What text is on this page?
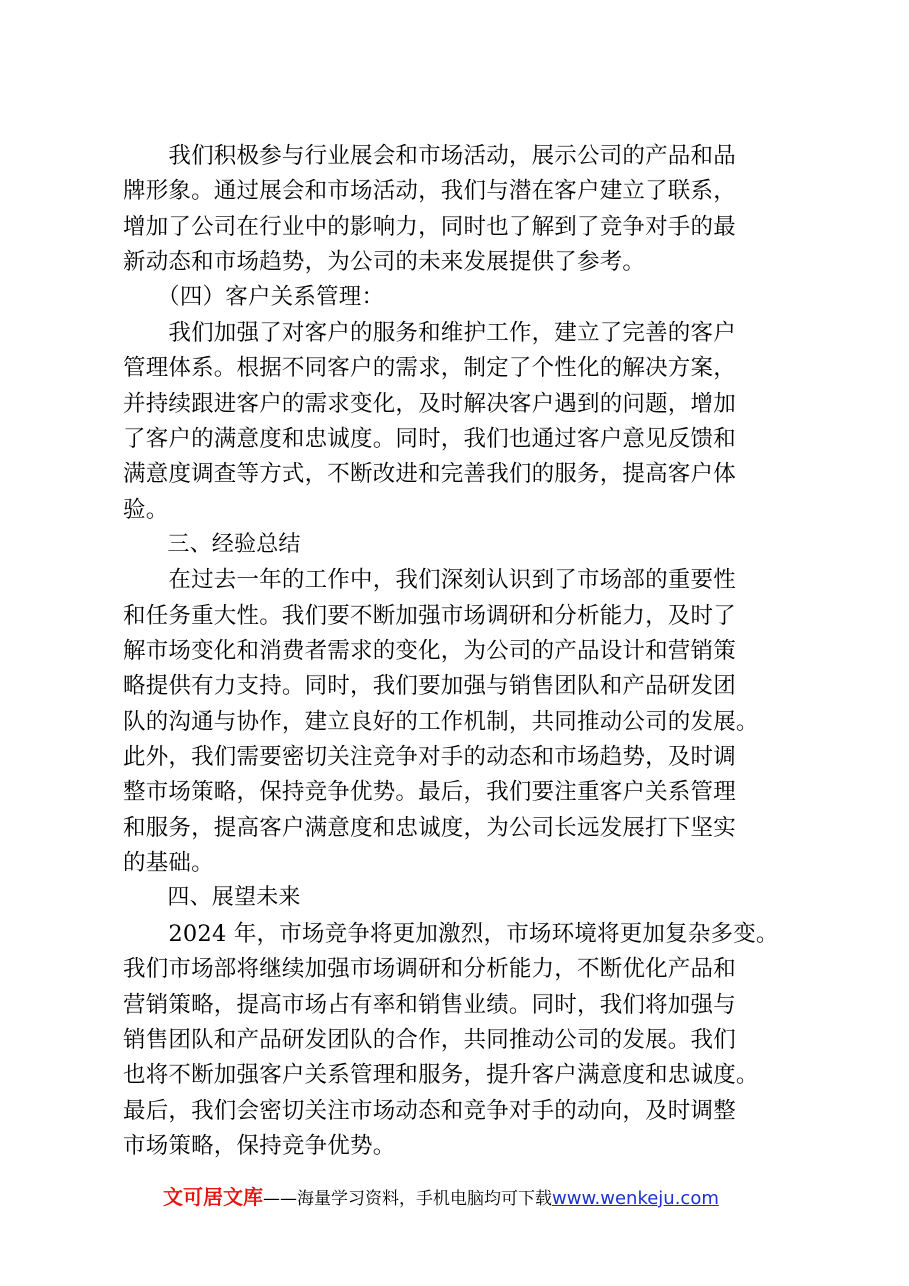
　　我们积极参与行业展会和市场活动，展示公司的产品和品
牌形象。通过展会和市场活动，我们与潜在客户建立了联系，
增加了公司在行业中的影响力，同时也了解到了竞争对手的最
新动态和市场趋势，为公司的未来发展提供了参考。
　　（四）客户关系管理：
　　我们加强了对客户的服务和维护工作，建立了完善的客户
管理体系。根据不同客户的需求，制定了个性化的解决方案，
并持续跟进客户的需求变化，及时解决客户遇到的问题，增加
了客户的满意度和忠诚度。同时，我们也通过客户意见反馈和
满意度调查等方式，不断改进和完善我们的服务，提高客户体
验。
　　三、经验总结
　　在过去一年的工作中，我们深刻认识到了市场部的重要性
和任务重大性。我们要不断加强市场调研和分析能力，及时了
解市场变化和消费者需求的变化，为公司的产品设计和营销策
略提供有力支持。同时，我们要加强与销售团队和产品研发团
队的沟通与协作，建立良好的工作机制，共同推动公司的发展。
此外，我们需要密切关注竞争对手的动态和市场趋势，及时调
整市场策略，保持竞争优势。最后，我们要注重客户关系管理
和服务，提高客户满意度和忠诚度，为公司长远发展打下坚实
的基础。
　　四、展望未来
　　2024 年，市场竞争将更加激烈，市场环境将更加复杂多变。
我们市场部将继续加强市场调研和分析能力，不断优化产品和
营销策略，提高市场占有率和销售业绩。同时，我们将加强与
销售团队和产品研发团队的合作，共同推动公司的发展。我们
也将不断加强客户关系管理和服务，提升客户满意度和忠诚度。
最后，我们会密切关注市场动态和竞争对手的动向，及时调整
市场策略，保持竞争优势。
文可居文库——海量学习资料，手机电脑均可下载www.wenkeju.com
